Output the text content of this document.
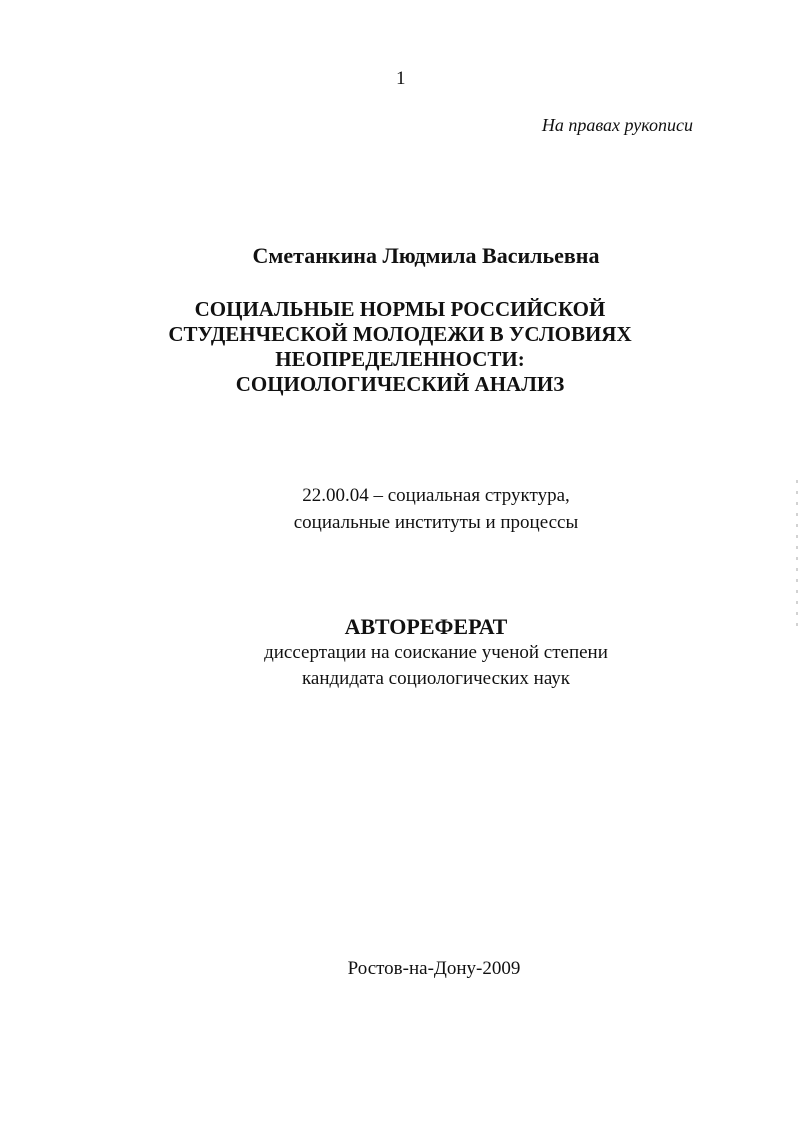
1
На правах рукописи
Сметанкина Людмила Васильевна
СОЦИАЛЬНЫЕ НОРМЫ РОССИЙСКОЙ
СТУДЕНЧЕСКОЙ МОЛОДЕЖИ В УСЛОВИЯХ
НЕОПРЕДЕЛЕННОСТИ:
СОЦИОЛОГИЧЕСКИЙ АНАЛИЗ
22.00.04 – социальная структура,
социальные институты и процессы
АВТОРЕФЕРАТ
диссертации на соискание ученой степени
кандидата социологических наук
Ростов-на-Дону-2009
